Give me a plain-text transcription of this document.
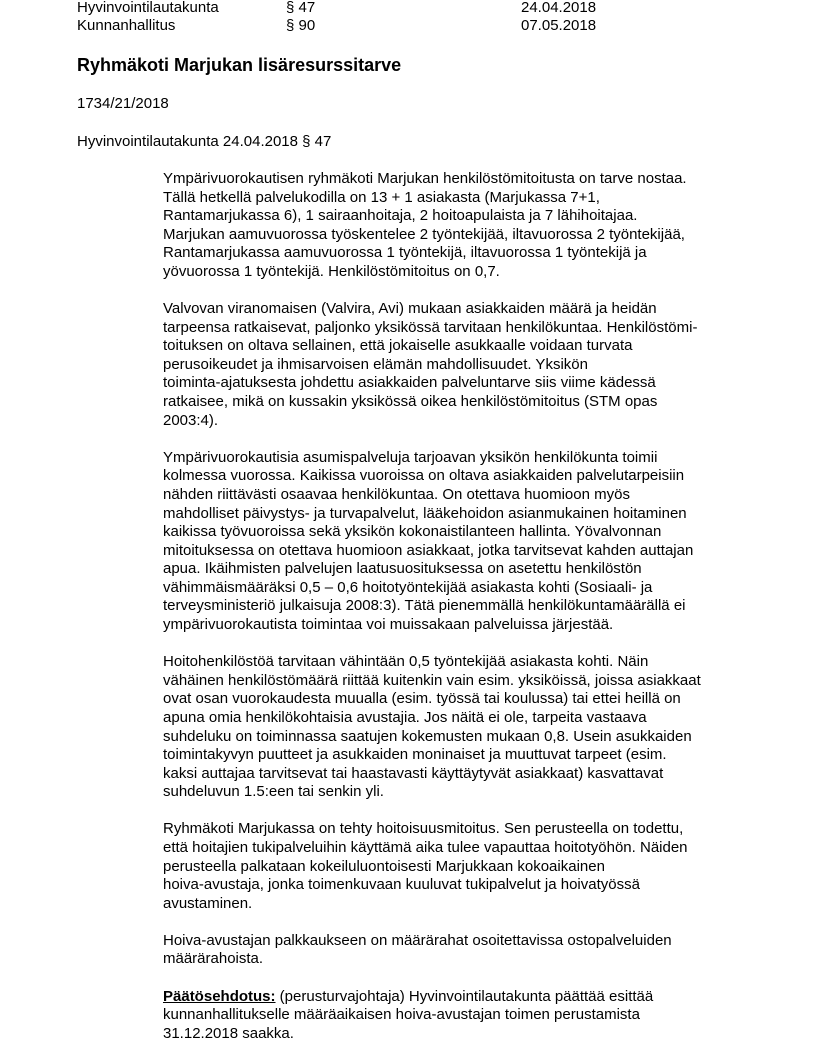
Hyvinvointilautakunta	§ 47	24.04.2018
Kunnanhallitus	§ 90	07.05.2018
Ryhmäkoti Marjukan lisäresurssitarve
1734/21/2018
Hyvinvointilautakunta 24.04.2018 § 47

Ympärivuorokautisen ryhmäkoti Marjukan henkilöstömitoitusta on tarve nostaa.
Tällä hetkellä palvelukodilla on 13 + 1 asiakasta (Marjukassa 7+1,
Rantamarjukassa 6), 1 sairaanhoitaja, 2 hoitoapulaista ja 7 lähihoitajaa.
Marjukan aamuvuorossa työskentelee 2 työntekijää, iltavuorossa 2 työntekijää,
Rantamarjukassa aamuvuorossa 1 työntekijä, iltavuorossa 1 työntekijä ja
yövuorossa 1 työntekijä. Henkilöstömitoitus on 0,7.

Valvovan viranomaisen (Valvira, Avi) mukaan asiakkaiden määrä ja heidän
tarpeensa ratkaisevat, paljonko yksikössä tarvitaan henkilökuntaa. Henkilöstömi-
toituksen on oltava sellainen, että jokaiselle asukkaalle voidaan turvata
perusoikeudet ja ihmisarvoisen elämän mahdollisuudet. Yksikön
toiminta-ajatuksesta johdettu asiakkaiden palveluntarve siis viime kädessä
ratkaisee, mikä on kussakin yksikössä oikea henkilöstömitoitus (STM opas
2003:4).

Ympärivuorokautisia asumispalveluja tarjoavan yksikön henkilökunta toimii
kolmessa vuorossa. Kaikissa vuoroissa on oltava asiakkaiden palvelutarpeisiin
nähden riittävästi osaavaa henkilökuntaa. On otettava huomioon myös
mahdolliset päivystys- ja turvapalvelut, lääkehoidon asianmukainen hoitaminen
kaikissa työvuoroissa sekä yksikön kokonaistilanteen hallinta. Yövalvonnan
mitoituksessa on otettava huomioon asiakkaat, jotka tarvitsevat kahden auttajan
apua. Ikäihmisten palvelujen laatusuosituksessa on asetettu henkilöstön
vähimmäismääräksi 0,5 – 0,6 hoitotyöntekijää asiakasta kohti (Sosiaali- ja
terveysministeriö julkaisuja 2008:3). Tätä pienemmällä henkilökuntamäärällä ei
ympärivuorokautista toimintaa voi muissakaan palveluissa järjestää.

Hoitohenkilöstöä tarvitaan vähintään 0,5 työntekijää asiakasta kohti. Näin
vähäinen henkilöstömäärä riittää kuitenkin vain esim. yksiköissä, joissa asiakkaat
ovat osan vuorokaudesta muualla (esim. työssä tai koulussa) tai ettei heillä on
apuna omia henkilökohtaisia avustajia. Jos näitä ei ole, tarpeita vastaava
suhdeluku on toiminnassa saatujen kokemusten mukaan 0,8. Usein asukkaiden
toimintakyvyn puutteet ja asukkaiden moninaiset ja muuttuvat tarpeet (esim.
kaksi auttajaa tarvitsevat tai haastavasti käyttäytyvät asiakkaat) kasvattavat
suhdeluvun 1.5:een tai senkin yli.

Ryhmäkoti Marjukassa on tehty hoitoisuusmitoitus. Sen perusteella on todettu,
että hoitajien tukipalveluihin käyttämä aika tulee vapauttaa hoitotyöhön. Näiden
perusteella palkataan kokeiluluontoisesti Marjukkaan kokoaikainen
hoiva-avustaja, jonka toimenkuvaan kuuluvat tukipalvelut ja hoivatyössä
avustaminen.

Hoiva-avustajan palkkaukseen on määrärahat osoitettavissa ostopalveluiden
määrärahoista.

Päätösehdotus: (perusturvajohtaja) Hyvinvointilautakunta päättää esittää
kunnanhallitukselle määräaikaisen hoiva-avustajan toimen perustamista
31.12.2018 saakka.
